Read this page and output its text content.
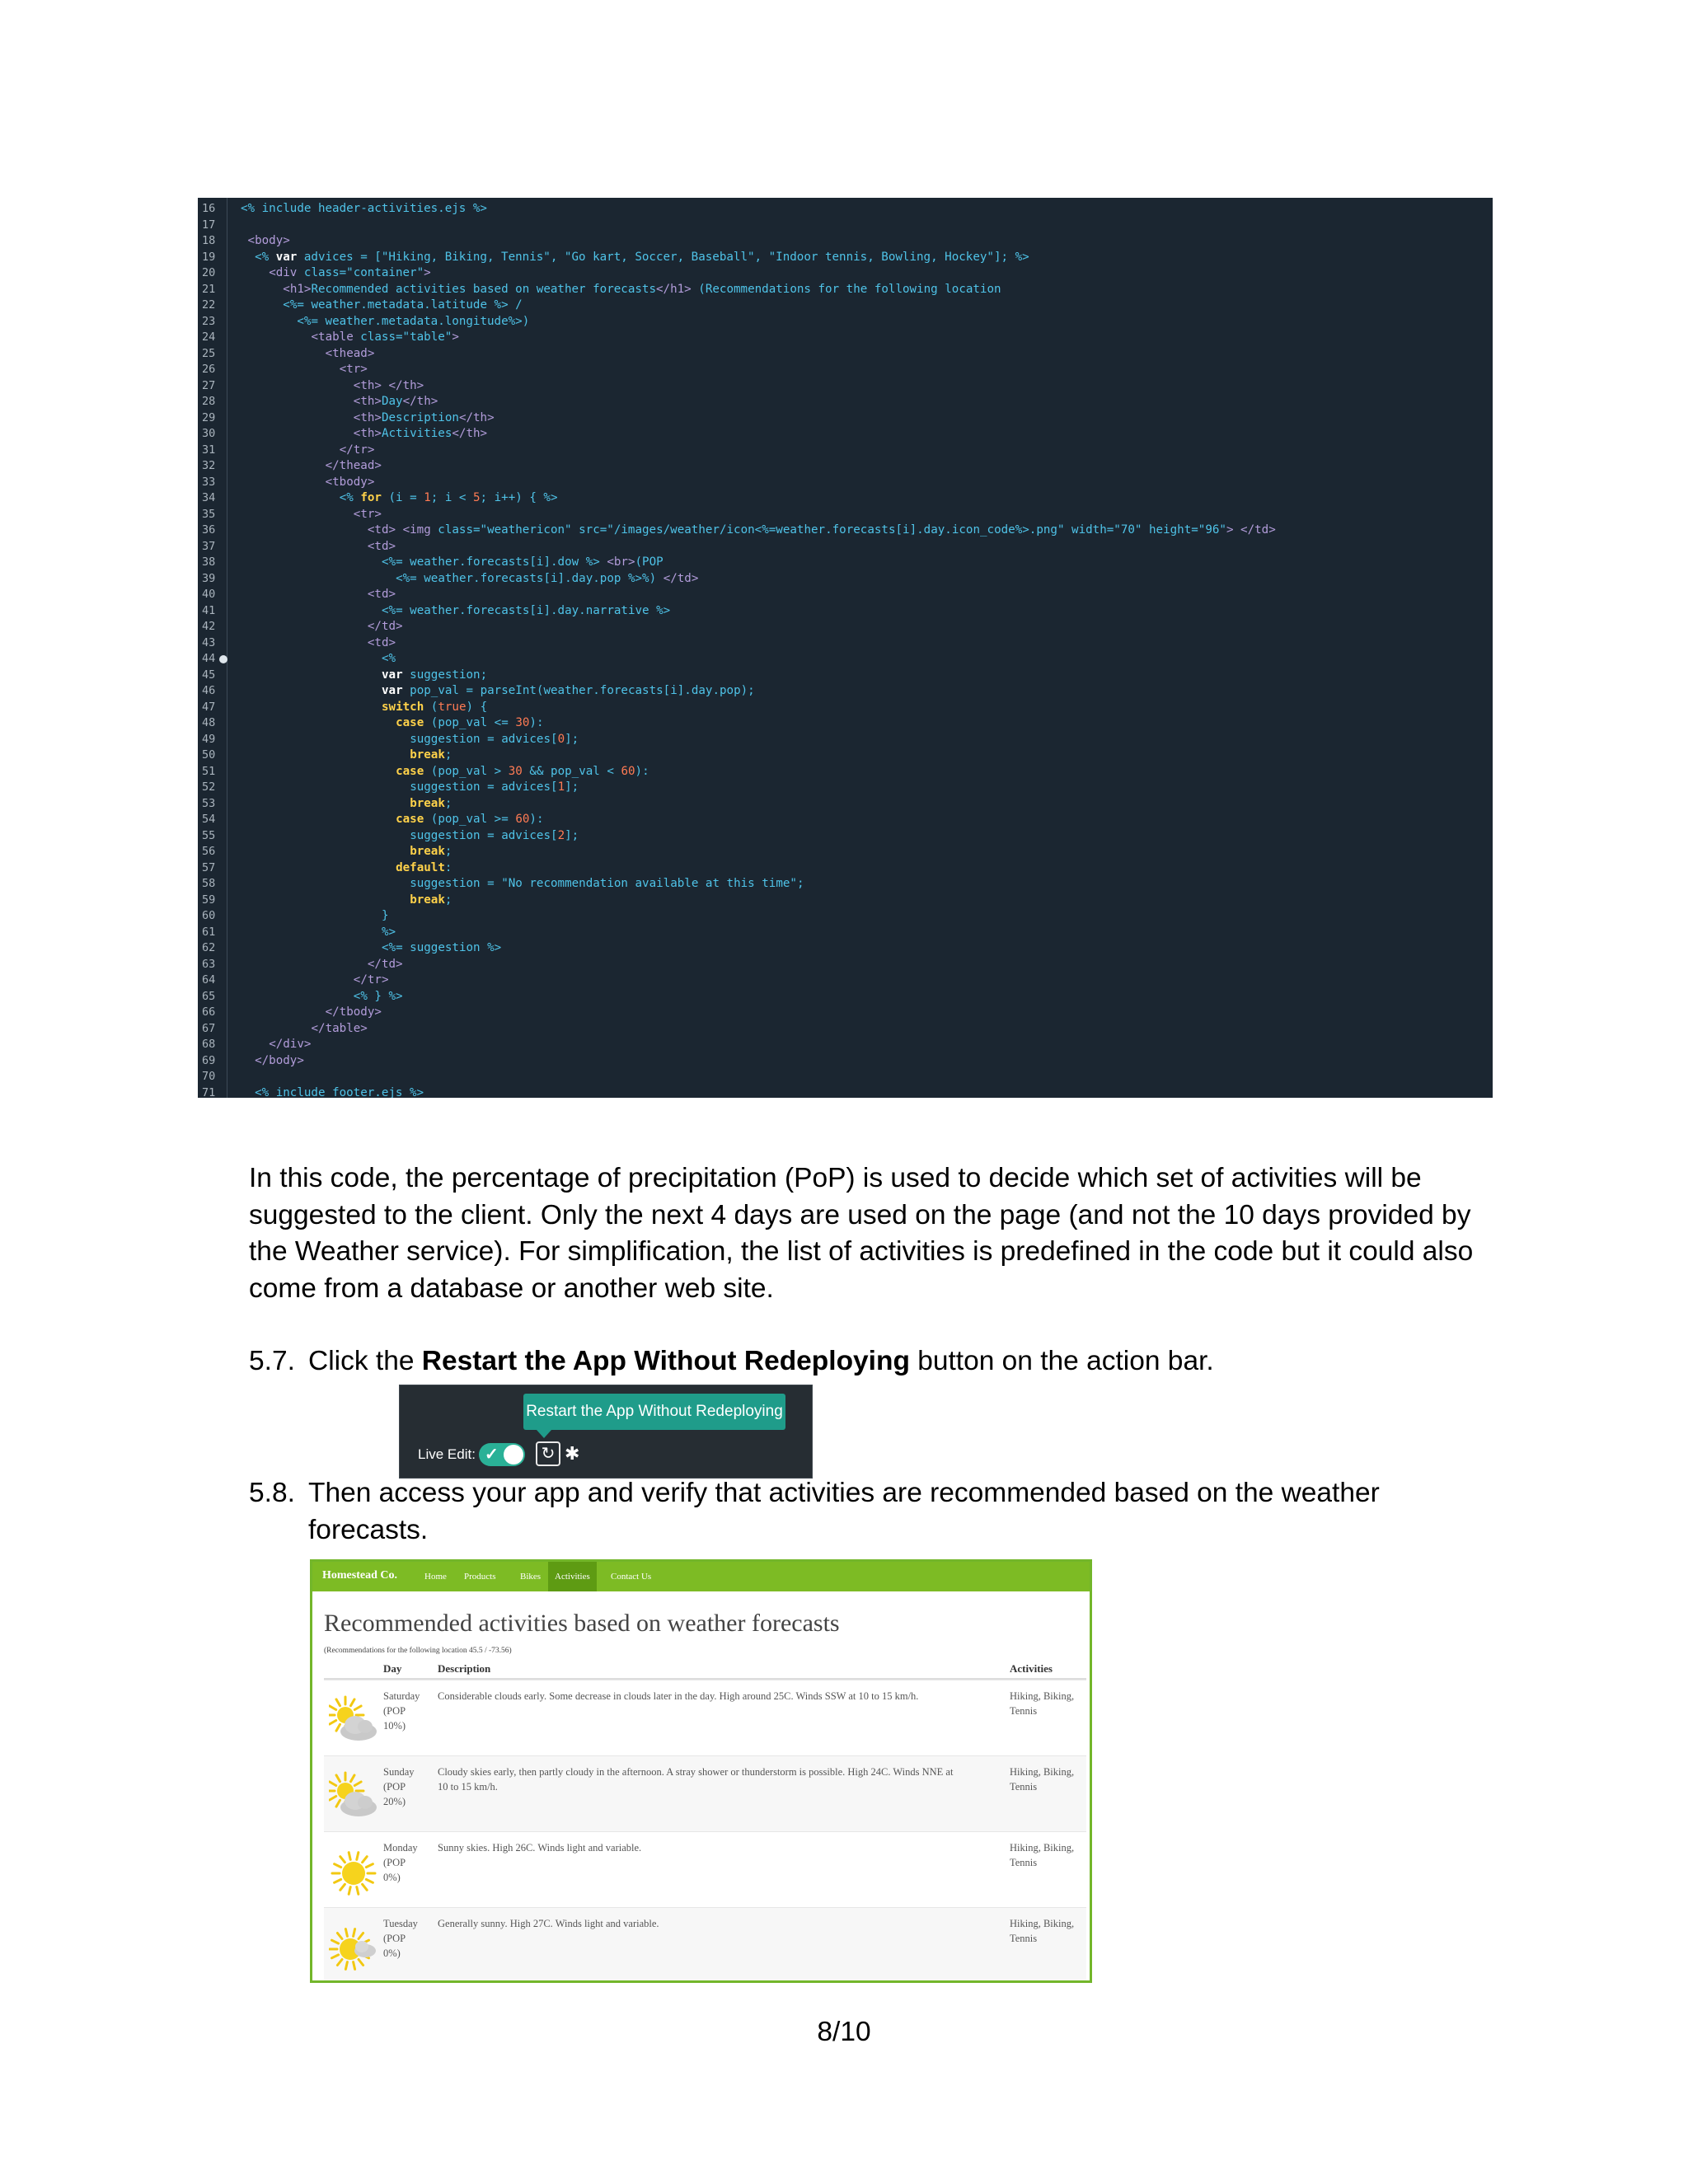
16
17
18
19
20
21
22
23
24
25
26
27
28
29
30
31
32
33
34
35
36
37
38
39
40
41
42
43
44
45
46
47
48
49
50
51
52
53
54
55
56
57
58
59
60
61
62
63
64
65
66
67
68
69
70
71
<% include header-activities.ejs %>
<body>
<% var advices = ["Hiking, Biking, Tennis", "Go kart, Soccer, Baseball", "Indoor tennis, Bowling, Hockey"]; %>
<div class="container">
<h1>Recommended activities based on weather forecasts</h1> (Recommendations for the following location
<%= weather.metadata.latitude %> /
<%= weather.metadata.longitude%>)
<table class="table">
<thead>
<tr>
<th> </th>
<th>Day</th>
<th>Description</th>
<th>Activities</th>
</tr>
</thead>
<tbody>
<% for (i = 1; i < 5; i++) { %>
<tr>
<td> <img class="weathericon" src="/images/weather/icon<%=weather.forecasts[i].day.icon_code%>.png" width="70" height="96"> </td>
<td>
<%= weather.forecasts[i].dow %> <br>(POP
<%= weather.forecasts[i].day.pop %>%) </td>
<td>
<%= weather.forecasts[i].day.narrative %>
</td>
<td>
<%
var suggestion;
var pop_val = parseInt(weather.forecasts[i].day.pop);
switch (true) {
case (pop_val <= 30):
suggestion = advices[0];
break;
case (pop_val > 30 && pop_val < 60):
suggestion = advices[1];
break;
case (pop_val >= 60):
suggestion = advices[2];
break;
default:
suggestion = "No recommendation available at this time";
break;
}
%>
<%= suggestion %>
</td>
</tr>
<% } %>
</tbody>
</table>
</div>
</body>
<% include footer.ejs %>
In this code, the percentage of precipitation (PoP) is used to decide which set of activities will be suggested to the client. Only the next 4 days are used on the page (and not the 10 days provided by the Weather service). For simplification, the list of activities is predefined in the code but it could also come from a database or another web site.
5.7. Click the Restart the App Without Redeploying button on the action bar.
Restart the App Without Redeploying
Live Edit: ✓	↻ ✱
5.8. Then access your app and verify that activities are recommended based on the weather forecasts.
Homestead Co.	Home	Products	Bikes	Activities	Contact Us
Recommended activities based on weather forecasts
(Recommendations for the following location 45.5 / -73.56)
Day	Description	Activities
Saturday
(POP
10%)
Considerable clouds early. Some decrease in clouds later in the day. High around 25C. Winds SSW at 10 to 15 km/h.	Hiking, Biking, Tennis
Sunday
(POP
20%)
Cloudy skies early, then partly cloudy in the afternoon. A stray shower or thunderstorm is possible. High 24C. Winds NNE at 10 to 15 km/h.
Hiking, Biking, Tennis
Monday
(POP
0%)
Sunny skies. High 26C. Winds light and variable.	Hiking, Biking, Tennis
Tuesday
(POP
0%)
Generally sunny. High 27C. Winds light and variable.	Hiking, Biking, Tennis
8/10
